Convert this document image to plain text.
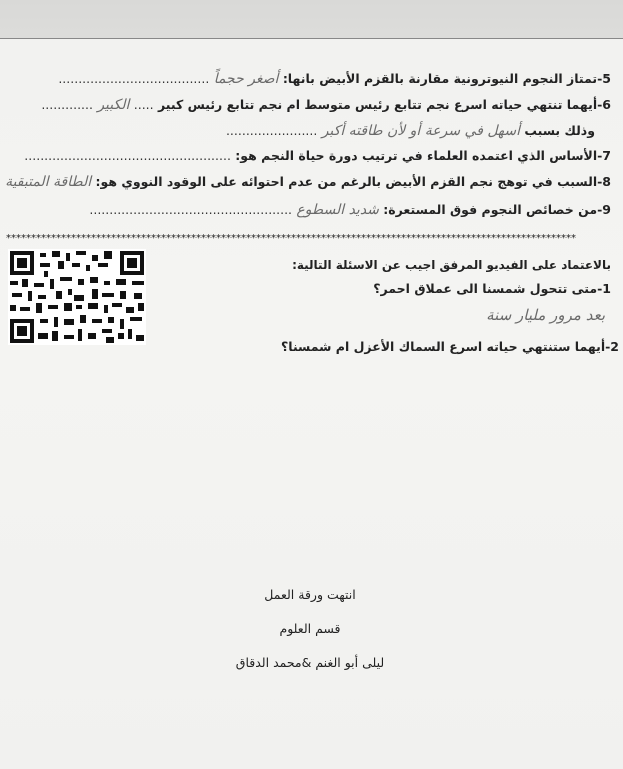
5-تمتاز النجوم النيوترونية مقارنة بالقزم الأبيض بانها: أصغر حجماً ......................................
6-أيهما تنتهي حياته اسرع نجم تتابع رئيس متوسط ام نجم تتابع رئيس كبير ..... الكبير .............
وذلك بسبب أسهل في سرعة أو لأن طاقته أكبر .......................
7-الأساس الذي اعتمده العلماء في ترتيب دورة حياة النجم هو: ....................................................
8-السبب في توهج نجم القزم الأبيض بالرغم من عدم احتوائه على الوقود النووي هو: الطاقة المتبقية
9-من خصائص النجوم فوق المستعرة: شديد السطوع ...................................................
******************************************************************************************************************
بالاعتماد على الفيديو المرفق اجيب عن الاسئلة التالية:
1-متى تتحول شمسنا الى عملاق احمر؟
بعد مرور مليار سنة
2-أيهما ستنتهي حياته اسرع السماك الأعزل ام شمسنا؟
انتهت ورقة العمل
قسم العلوم
ليلى أبو الغنم &محمد الدقاق
